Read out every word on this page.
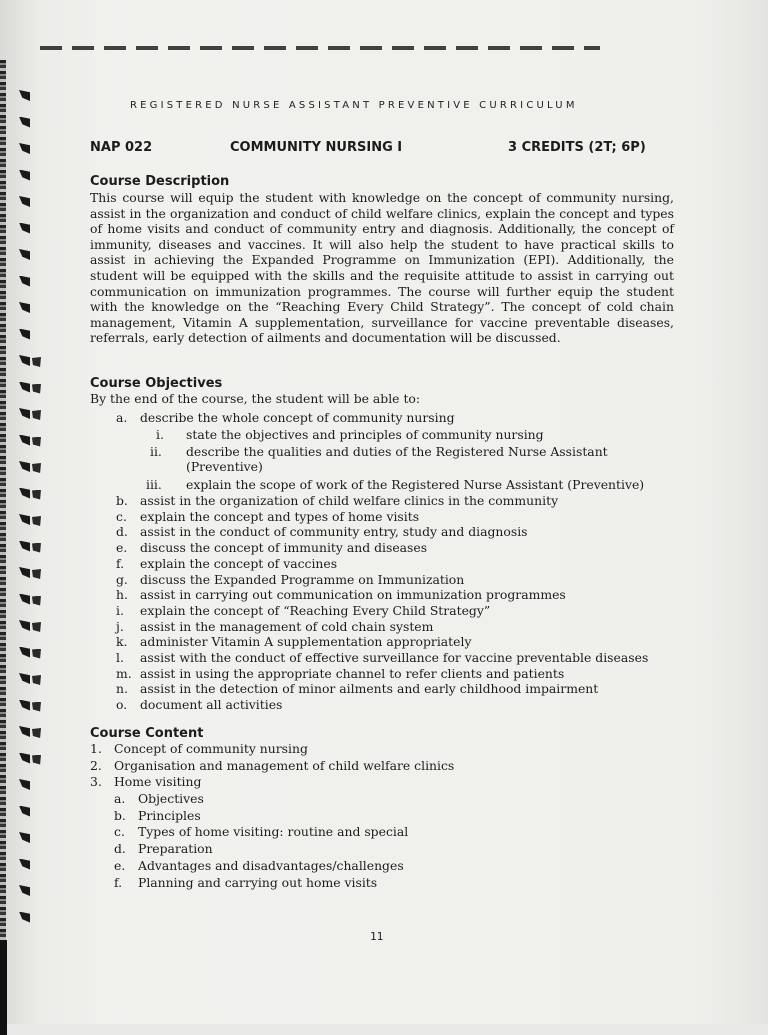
REGISTERED NURSE ASSISTANT PREVENTIVE CURRICULUM
NAP 022	COMMUNITY NURSING I	3 CREDITS (2T; 6P)
Course Description

This course will equip the student with knowledge on the concept of community nursing, assist in the organization and conduct of child welfare clinics, explain the concept and types of home visits and conduct of community entry and diagnosis. Additionally, the concept of immunity, diseases and vaccines. It will also help the student to have practical skills to assist in achieving the Expanded Programme on Immunization (EPI). Additionally, the student will be equipped with the skills and the requisite attitude to assist in carrying out communication on immunization programmes. The course will further equip the student with the knowledge on the “Reaching Every Child Strategy”. The concept of cold chain management, Vitamin A supplementation, surveillance for vaccine preventable diseases, referrals, early detection of ailments and documentation will be discussed.

Course Objectives

By the end of the course, the student will be able to:

a. describe the whole concept of community nursing
i. state the objectives and principles of community nursing
ii. describe the qualities and duties of the Registered Nurse Assistant
(Preventive)
iii. explain the scope of work of the Registered Nurse Assistant (Preventive)
b. assist in the organization of child welfare clinics in the community
c. explain the concept and types of home visits
d. assist in the conduct of community entry, study and diagnosis
e. discuss the concept of immunity and diseases
f. explain the concept of vaccines
g. discuss the Expanded Programme on Immunization
h. assist in carrying out communication on immunization programmes
i. explain the concept of “Reaching Every Child Strategy”
j. assist in the management of cold chain system
k. administer Vitamin A supplementation appropriately
l. assist with the conduct of effective surveillance for vaccine preventable diseases
m. assist in using the appropriate channel to refer clients and patients
n. assist in the detection of minor ailments and early childhood impairment
o. document all activities
Course Content
1. Concept of community nursing
2. Organisation and management of child welfare clinics
3. Home visiting
a. Objectives
b. Principles
c. Types of home visiting: routine and special
d. Preparation
e. Advantages and disadvantages/challenges
f. Planning and carrying out home visits
11
